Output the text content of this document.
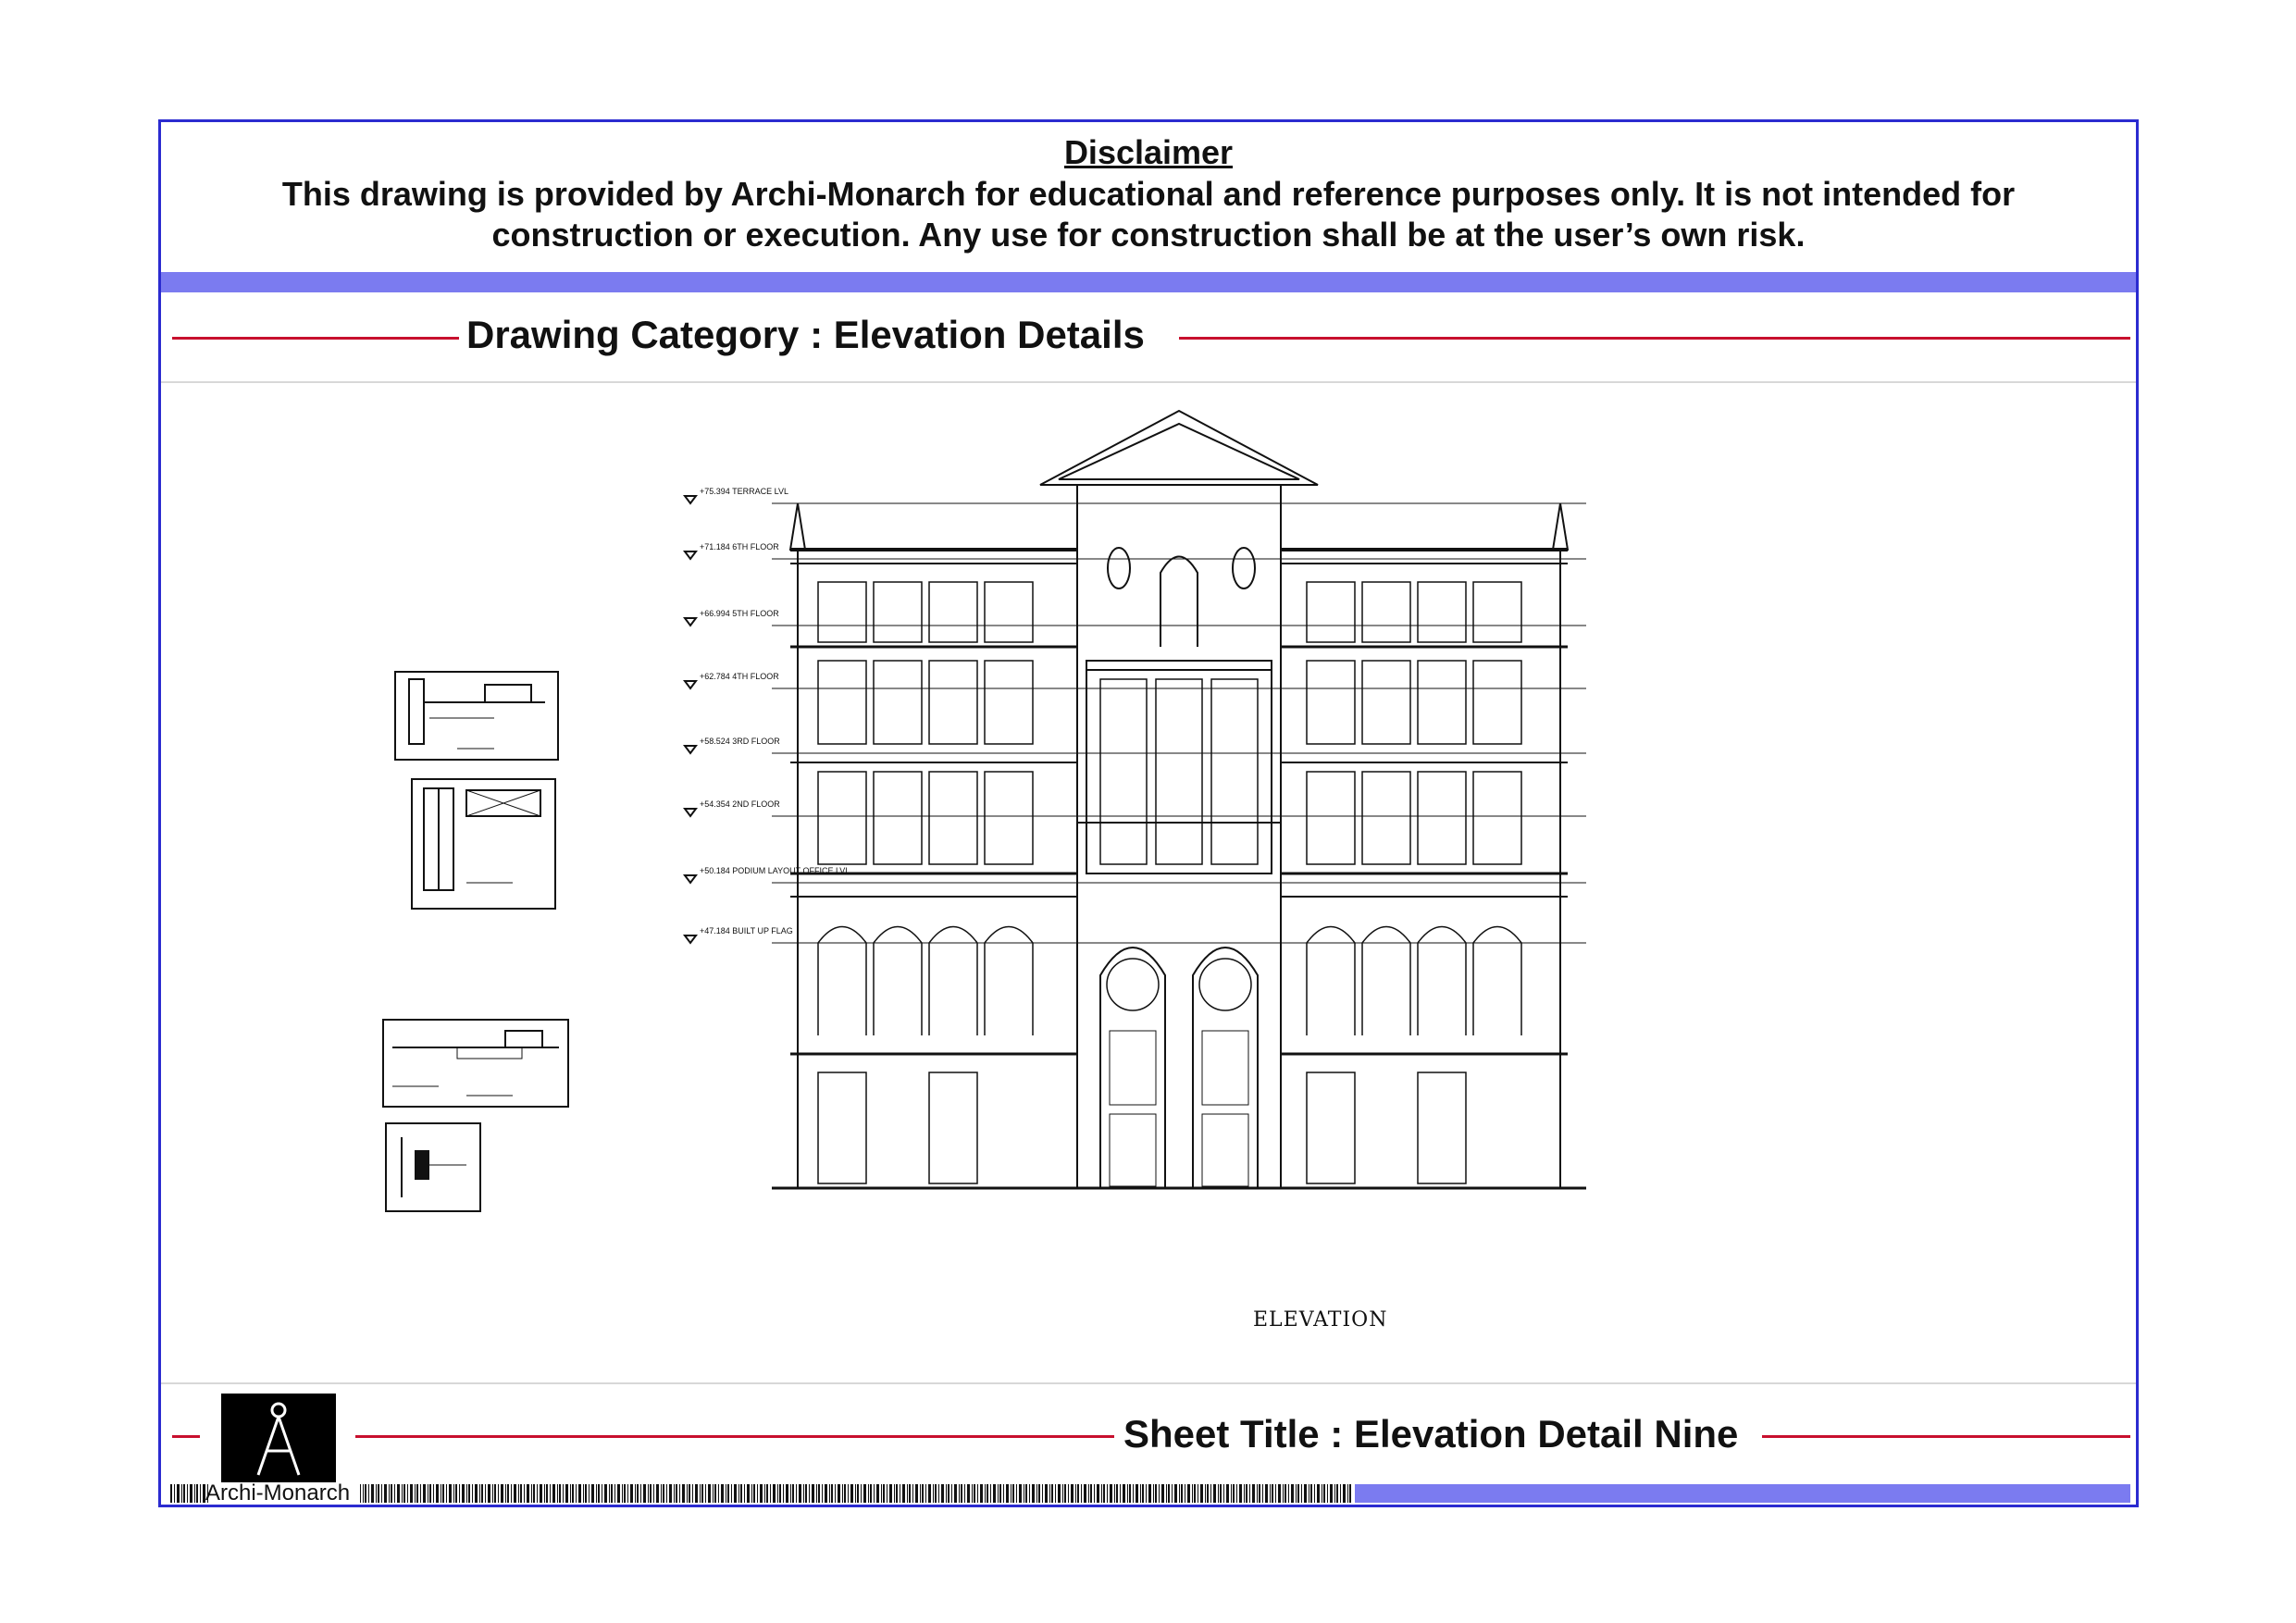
Disclaimer
This drawing is provided by Archi-Monarch for educational and reference purposes only. It is not intended for construction or execution. Any use for construction shall be at the user’s own risk.
Drawing Category : Elevation Details
+75.394 TERRACE LVL
+71.184 6TH FLOOR
+66.994 5TH FLOOR
+62.784 4TH FLOOR
+58.524 3RD FLOOR
+54.354 2ND FLOOR
+50.184 PODIUM LAYOUT OFFICE LVL
+47.184 BUILT UP FLAG
ELEVATION
Sheet Title : Elevation Detail Nine
Archi-Monarch
